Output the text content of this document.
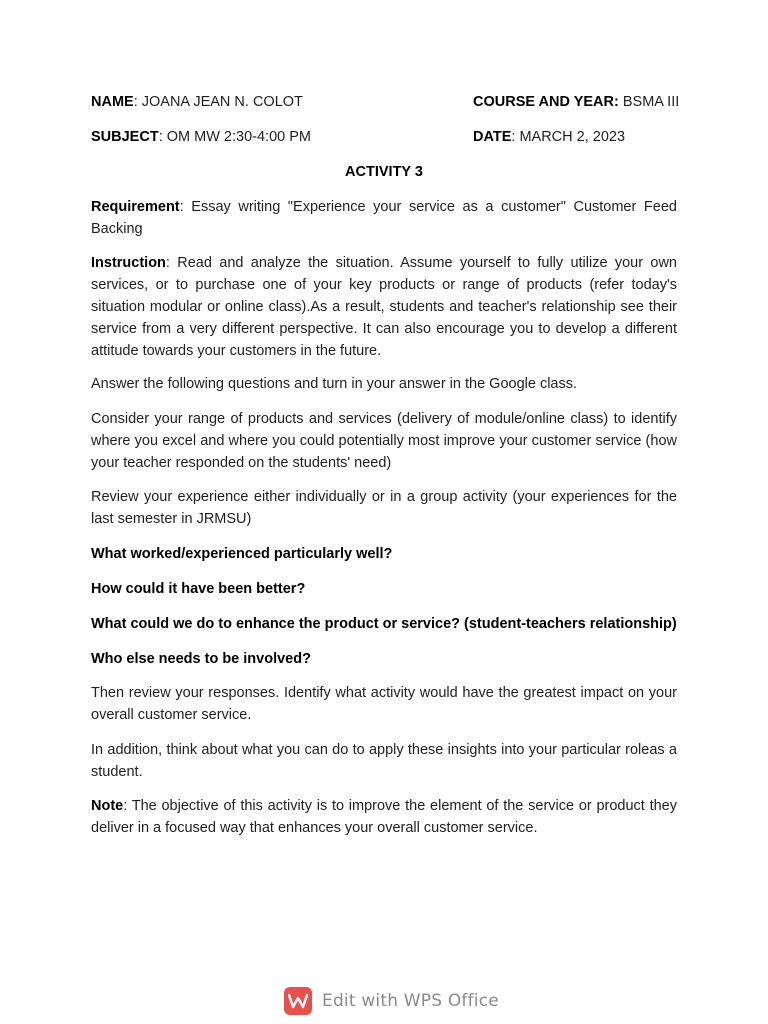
NAME: JOANA JEAN N. COLOT	COURSE AND YEAR: BSMA III
SUBJECT: OM MW 2:30-4:00 PM	DATE: MARCH 2, 2023
ACTIVITY 3

Requirement: Essay writing "Experience your service as a customer" Customer Feed Backing

Instruction: Read and analyze the situation. Assume yourself to fully utilize your own services, or to purchase one of your key products or range of products (refer today's situation modular or online class).As a result, students and teacher's relationship see their service from a very different perspective. It can also encourage you to develop a different attitude towards your customers in the future.

Answer the following questions and turn in your answer in the Google class.

Consider your range of products and services (delivery of module/online class) to identify where you excel and where you could potentially most improve your customer service (how your teacher responded on the students' need)

Review your experience either individually or in a group activity (your experiences for the last semester in JRMSU)

What worked/experienced particularly well?

How could it have been better?

What could we do to enhance the product or service? (student-teachers relationship)

Who else needs to be involved?

Then review your responses. Identify what activity would have the greatest impact on your overall customer service.

In addition, think about what you can do to apply these insights into your particular roleas a student.

Note: The objective of this activity is to improve the element of the service or product they deliver in a focused way that enhances your overall customer service.

Edit with WPS Office
